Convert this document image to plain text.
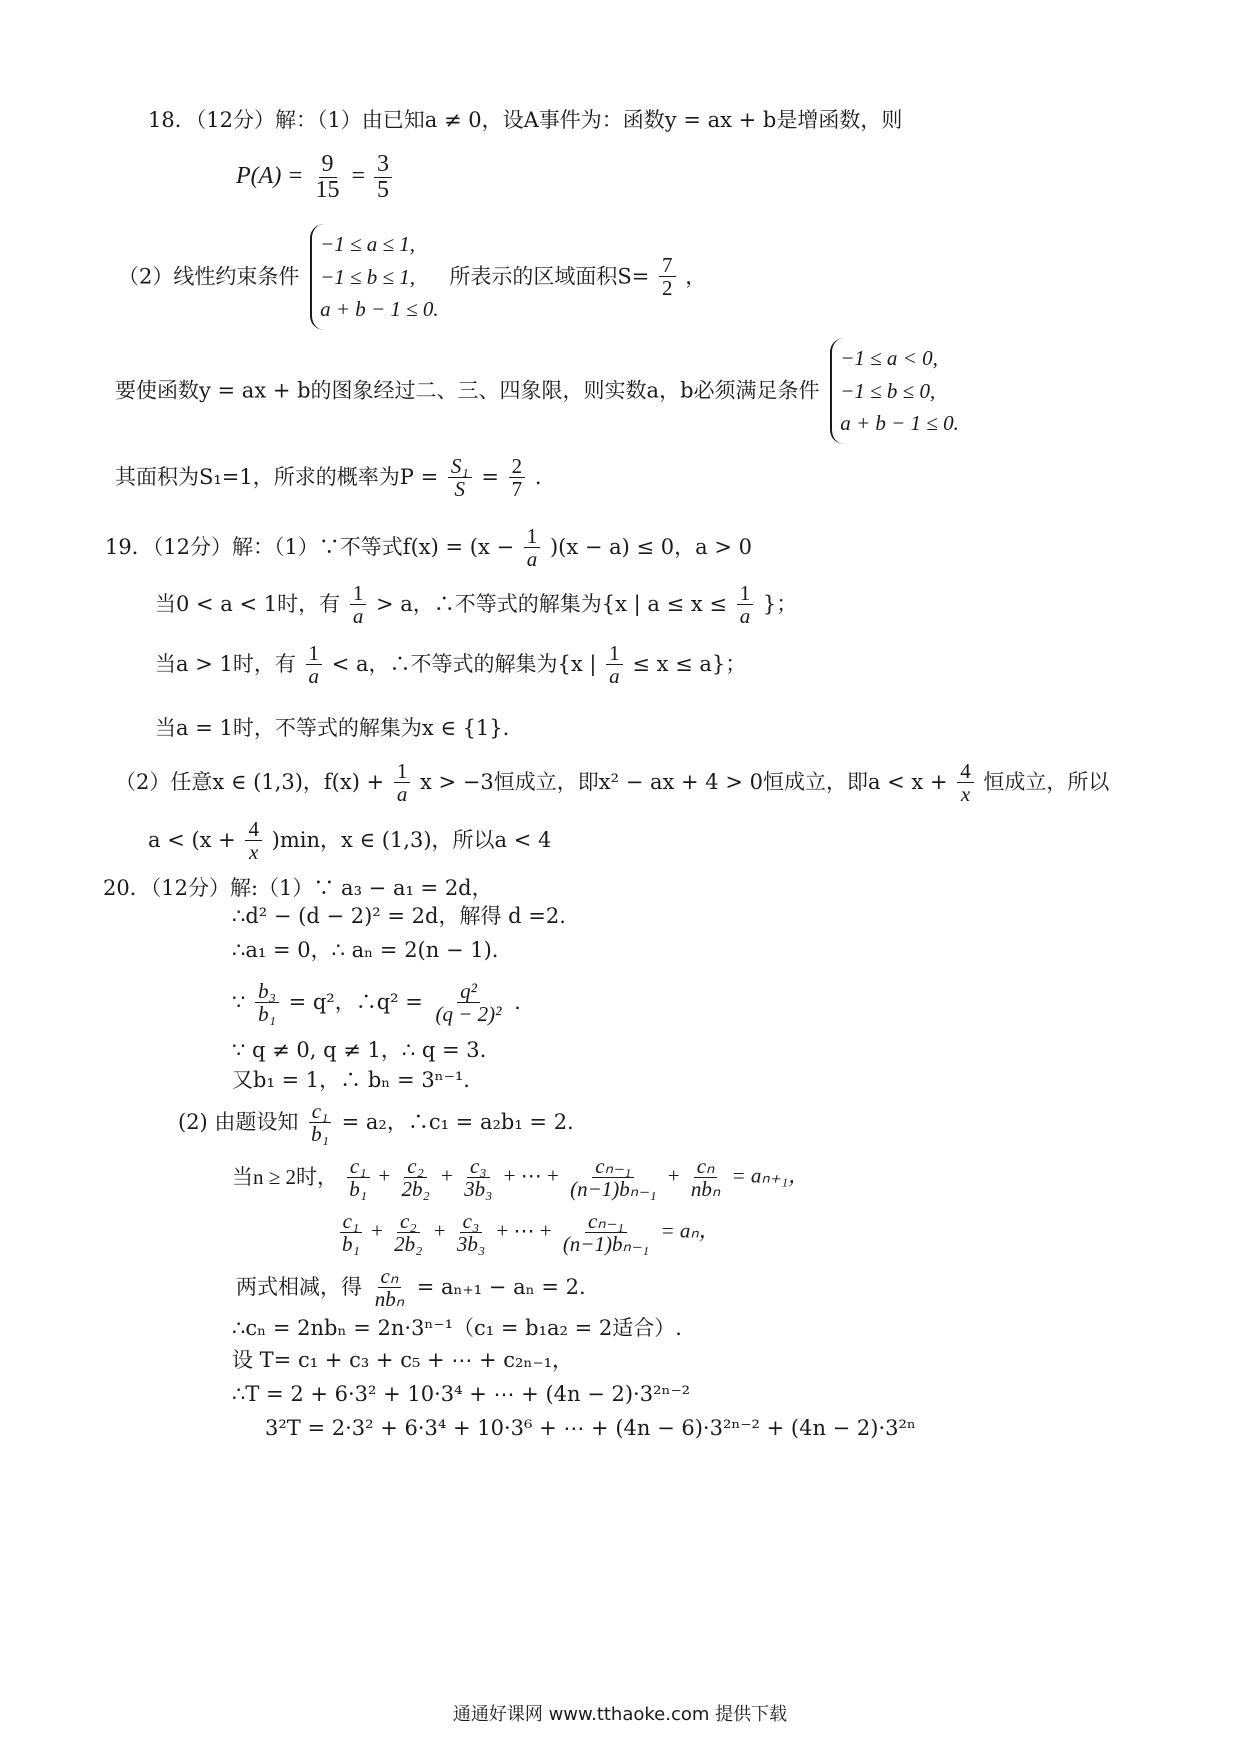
18．（12分）解：（1）由已知a ≠ 0，设A事件为：函数y = ax + b是增函数，则
$P(A) = \frac{9}{15} = \frac{3}{5}$
（2）线性约束条件
−1 ≤ a ≤ 1,
−1 ≤ b ≤ 1,
a + b − 1 ≤ 0.
所表示的区域面积$S= \frac{7}{2}$ ，
要使函数y = ax + b的图象经过二、三、四象限，则实数a，b必须满足条件
−1 ≤ a < 0,
−1 ≤ b ≤ 0,
a + b − 1 ≤ 0.
其面积为S₁=1，所求的概率为$P = \frac{\text{S₁}}{S} = \frac{2}{7}$ .
19．（12分）解：（1）∵不等式$f(x) = (x - \frac{1}{a} )(x - a) \le 0$，a > 0
当0 < a < 1时，有 $\frac{1}{a} > a$，∴不等式的解集为{x | $a \le x \le \frac{1}{a}$ }；
当a > 1时，有 $\frac{1}{a} < a$，∴不等式的解集为{x | $\frac{1}{a} \le x \le a$}；
当a = 1时，不等式的解集为x ∈ {1}.
（2）任意x ∈ (1,3)，$f(x) + \frac{1}{a}$ x > −3恒成立，即x² − ax + 4 > 0恒成立，即$a < x + \frac{4}{x}$ 恒成立，所以
$a < (x + \frac{4}{x} )\min$，x ∈ (1,3)，所以a < 4
20．（12分）解:（1）∵ a₃ − a₁ = 2d，
∴d² − (d − 2)² = 2d，解得 d =2.
∴a₁ = 0，∴ aₙ = 2(n − 1).
∵ $\frac{\text{b₃}}{\text{b₁}} = q^2$，∴q² = $\frac{\text{q²}}{\text{(q − 2)²}}$ .
∵ q ≠ 0, q ≠ 1，∴ q = 3.
又b₁ = 1，∴ bₙ = 3ⁿ⁻¹.
(2) 由题设知 $\frac{\text{c₁}}{\text{b₁}} = a_2$，∴c₁ = a₂b₁ = 2.
当n ≥ 2时， $\frac{\text{c₁}}{\text{b₁}} + \frac{\text{c₂}}{\text{2b₂}} + \frac{\text{c₃}}{\text{3b₃}}$ + ⋯ + $\frac{\text{cₙ₋₁}}{\text{(n−1)bₙ₋₁}} + c_n$
nbₙ
= aₙ₊₁，
$\frac{\text{c₁}}{\text{b₁}} + \frac{\text{c₂}}{\text{2b₂}} + \frac{\text{c₃}}{\text{3b₃}}$ + ⋯ + $\frac{\text{cₙ₋₁}}{\text{(n−1)bₙ₋₁}} = a_n$，
两式相减，得 cₙ
nbₙ = aₙ₊₁ − aₙ = 2.
∴cₙ = 2nbₙ = 2n·3ⁿ⁻¹（c₁ = b₁a₂ = 2适合）.
设 T= c₁ + c₃ + c₅ + ⋯ + c₂ₙ₋₁，
∴T = 2 + 6·3² + 10·3⁴ + ⋯ + (4n − 2)·3²ⁿ⁻²
3²T = 2·3² + 6·3⁴ + 10·3⁶ + ⋯ + (4n − 6)·3²ⁿ⁻² + (4n − 2)·3²ⁿ
通通好课网 www.tthaoke.com 提供下载
